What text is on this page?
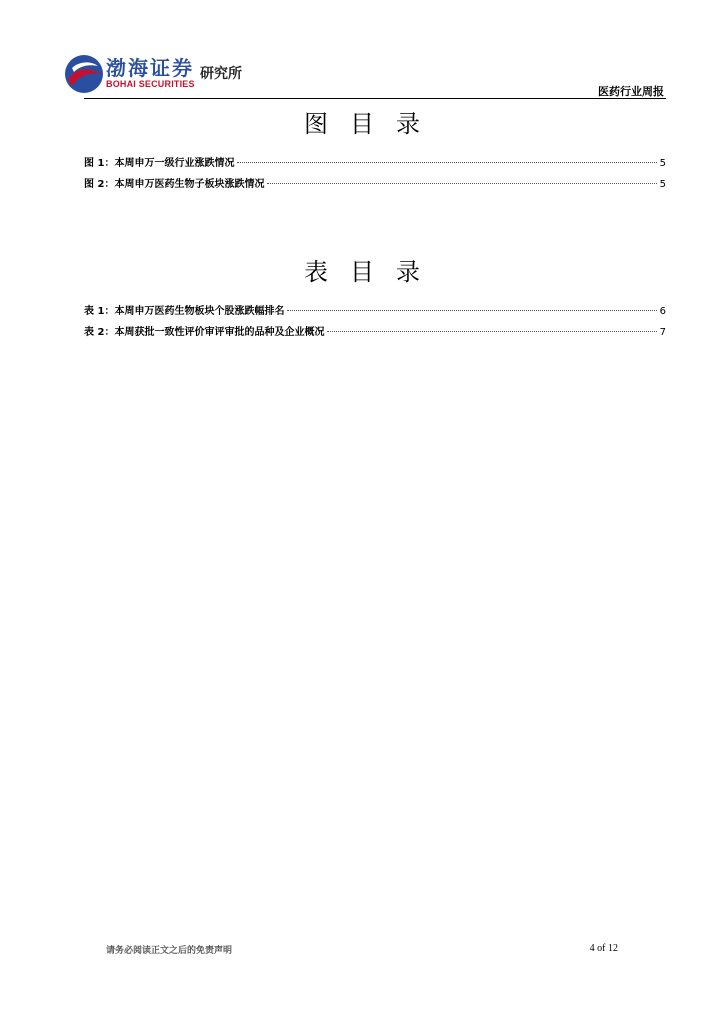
渤海证券
BOHAI SECURITIES
研究所
医药行业周报
图目录
图 1：本周申万一级行业涨跌情况	5
图 2：本周申万医药生物子板块涨跌情况	5
表目录
表 1：本周申万医药生物板块个股涨跌幅排名	6
表 2：本周获批一致性评价审评审批的品种及企业概况	7
请务必阅读正文之后的免责声明	4 of 12
